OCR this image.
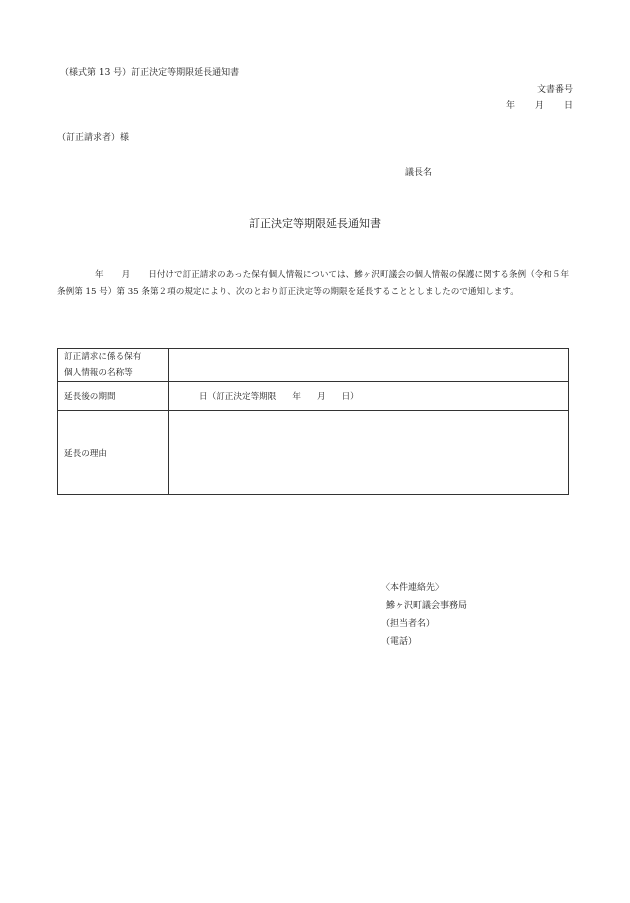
（様式第 13 号）訂正決定等期限延長通知書
文書番号
年 月 日
（訂正請求者）様
議長名
訂正決定等期限延長通知書
年 月 日付けで訂正請求のあった保有個人情報については、鰺ヶ沢町議会の個人情報の保護に関する条例（令和５年条例第 15 号）第 35 条第２項の規定により、次のとおり訂正決定等の期限を延長することとしましたので通知します。
訂正請求に係る保有
個人情報の名称等	

延長後の期間	日（訂正決定等期限 年 月 日）
延長の理由	
〈本件連絡先〉
鰺ヶ沢町議会事務局
（担当者名）
（電話）
